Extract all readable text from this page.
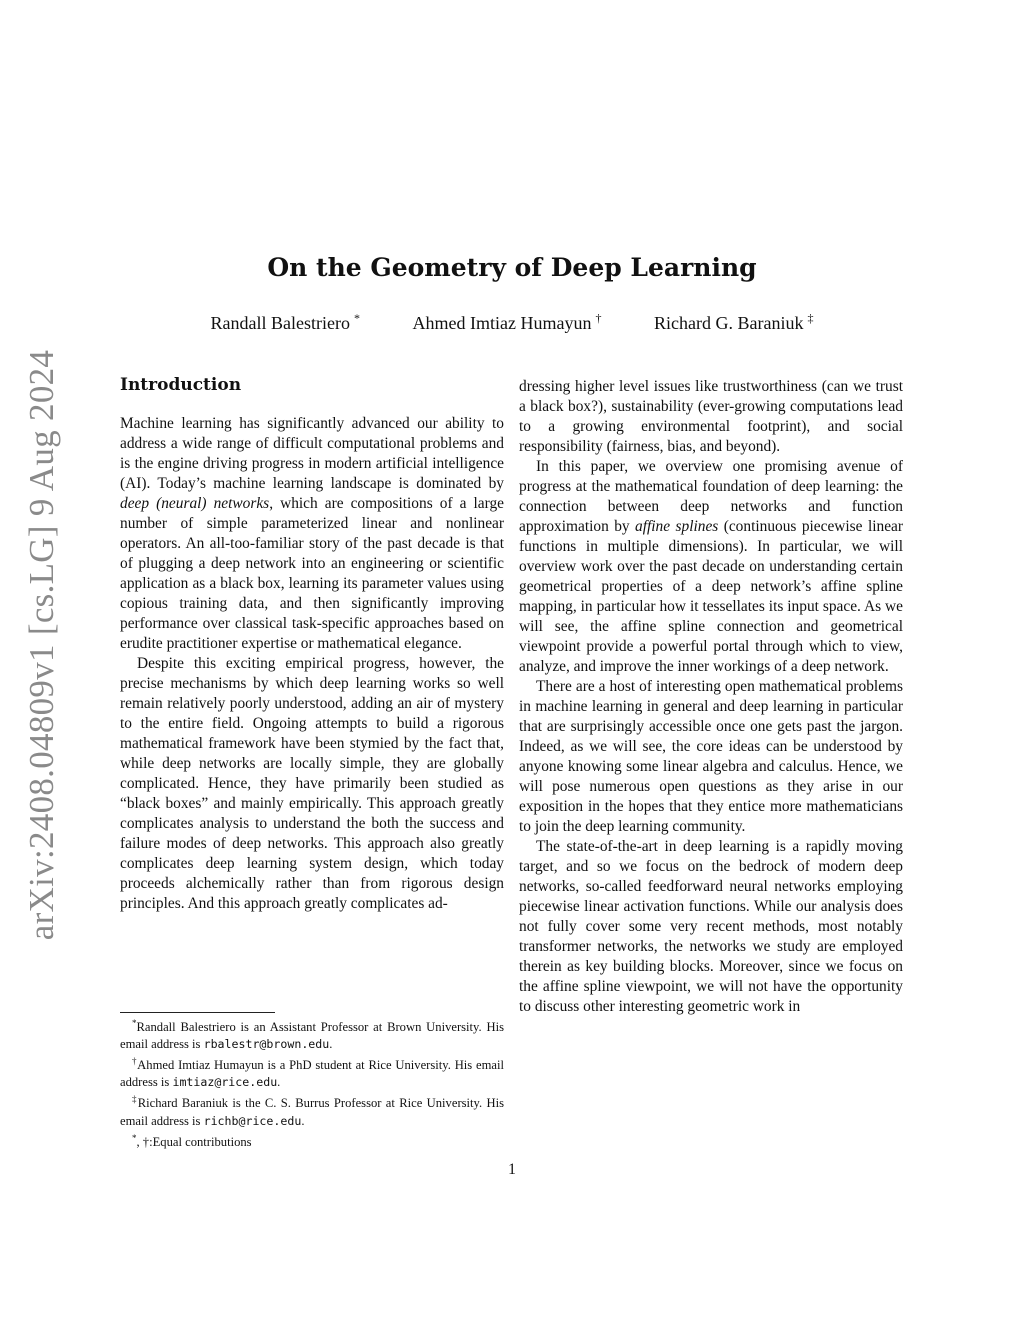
arXiv:2408.04809v1 [cs.LG] 9 Aug 2024
On the Geometry of Deep Learning
Randall Balestriero *	Ahmed Imtiaz Humayun †	Richard G. Baraniuk ‡
Introduction

Machine learning has significantly advanced our ability to address a wide range of difficult computational problems and is the engine driving progress in modern artificial intelligence (AI). Today’s machine learning landscape is dominated by deep (neural) networks, which are compositions of a large number of simple parameterized linear and nonlinear operators. An all-too-familiar story of the past decade is that of plugging a deep network into an engineering or scientific application as a black box, learning its parameter values using copious training data, and then significantly improving performance over classical task-specific approaches based on erudite practitioner expertise or mathematical elegance.

Despite this exciting empirical progress, however, the precise mechanisms by which deep learning works so well remain relatively poorly understood, adding an air of mystery to the entire field. Ongoing attempts to build a rigorous mathematical framework have been stymied by the fact that, while deep networks are locally simple, they are globally complicated. Hence, they have primarily been studied as “black boxes” and mainly empirically. This approach greatly complicates analysis to understand the both the success and failure modes of deep networks. This approach also greatly complicates deep learning system design, which today proceeds alchemically rather than from rigorous design principles. And this approach greatly complicates ad-

dressing higher level issues like trustworthiness (can we trust a black box?), sustainability (ever-growing computations lead to a growing environmental footprint), and social responsibility (fairness, bias, and beyond).

In this paper, we overview one promising avenue of progress at the mathematical foundation of deep learning: the connection between deep networks and function approximation by affine splines (continuous piecewise linear functions in multiple dimensions). In particular, we will overview work over the past decade on understanding certain geometrical properties of a deep network’s affine spline mapping, in particular how it tessellates its input space. As we will see, the affine spline connection and geometrical viewpoint provide a powerful portal through which to view, analyze, and improve the inner workings of a deep network.

There are a host of interesting open mathematical problems in machine learning in general and deep learning in particular that are surprisingly accessible once one gets past the jargon. Indeed, as we will see, the core ideas can be understood by anyone knowing some linear algebra and calculus. Hence, we will pose numerous open questions as they arise in our exposition in the hopes that they entice more mathematicians to join the deep learning community.

The state-of-the-art in deep learning is a rapidly moving target, and so we focus on the bedrock of modern deep networks, so-called feedforward neural networks employing piecewise linear activation functions. While our analysis does not fully cover some very recent methods, most notably transformer networks, the networks we study are employed therein as key building blocks. Moreover, since we focus on the affine spline viewpoint, we will not have the opportunity to discuss other interesting geometric work in

*Randall Balestriero is an Assistant Professor at Brown University. His email address is rbalestr@brown.edu.

†Ahmed Imtiaz Humayun is a PhD student at Rice University. His email address is imtiaz@rice.edu.

‡Richard Baraniuk is the C. S. Burrus Professor at Rice University. His email address is richb@rice.edu.

*, †:Equal contributions

1
